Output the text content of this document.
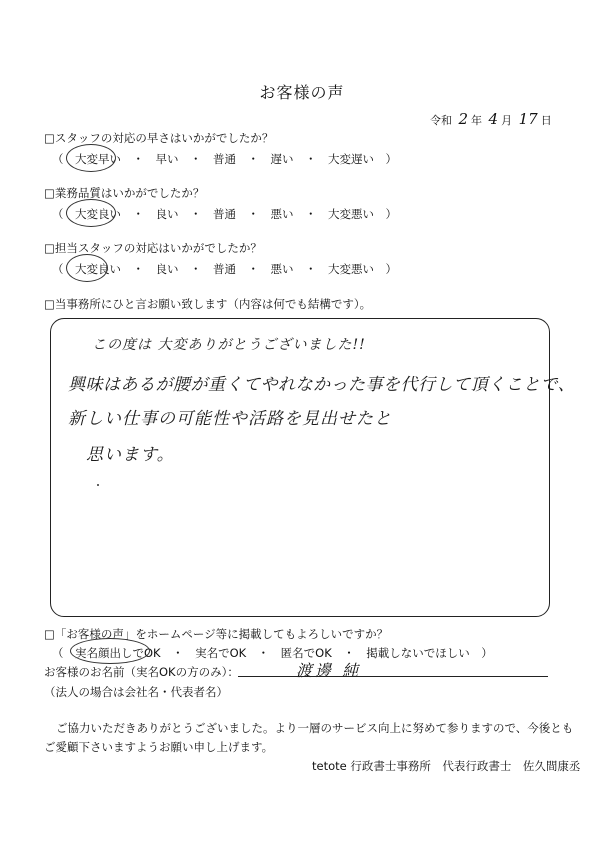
お客様の声
令和 2 年 4 月 17 日
□スタッフの対応の早さはいかがでしたか？
（　大変早い　・　早い　・　普通　・　遅い　・　大変遅い　）
□業務品質はいかがでしたか？
（　大変良い　・　良い　・　普通　・　悪い　・　大変悪い　）
□担当スタッフの対応はいかがでしたか？
（　大変良い　・　良い　・　普通　・　悪い　・　大変悪い　）
□当事務所にひと言お願い致します（内容は何でも結構です）。
この度は 大変ありがとうございました!!
興味はあるが腰が重くてやれなかった事を代行して頂くことで、
新しい仕事の可能性や活路を見出せたと
思います。
□「お客様の声」をホームページ等に掲載してもよろしいですか？
（　実名顔出しでOK　・　実名でOK　・　匿名でOK　・　掲載しないでほしい　）
お客様のお名前（実名OKの方のみ）：	渡邊 純
（法人の場合は会社名・代表者名）
ご協力いただきありがとうございました。より一層のサービス向上に努めて参りますので、今後とも
ご愛顧下さいますようお願い申し上げます。
tetote 行政書士事務所　代表行政書士　佐久間康丞
